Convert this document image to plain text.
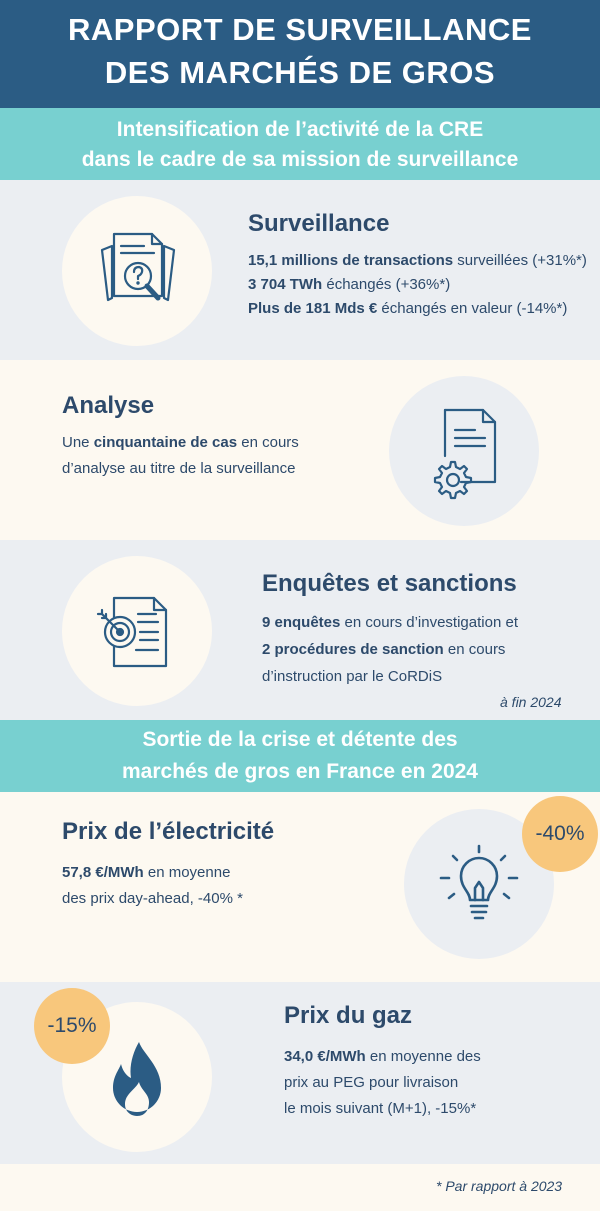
RAPPORT DE SURVEILLANCE
DES MARCHÉS DE GROS
Intensification de l’activité de la CRE
dans le cadre de sa mission de surveillance
Surveillance
15,1 millions de transactions surveillées (+31%*)
3 704 TWh échangés (+36%*)
Plus de 181 Mds € échangés en valeur (-14%*)
Analyse
Une cinquantaine de cas en cours
d’analyse au titre de la surveillance
Enquêtes et sanctions
9 enquêtes en cours d’investigation et
2 procédures de sanction en cours
d’instruction par le CoRDiS
à fin 2024
Sortie de la crise et détente des
marchés de gros en France en 2024
Prix de l’électricité
57,8 €/MWh en moyenne
des prix day-ahead, -40% *
-40%
-15%	Prix du gaz
34,0 €/MWh en moyenne des
prix au PEG pour livraison
le mois suivant (M+1), -15%*
* Par rapport à 2023
